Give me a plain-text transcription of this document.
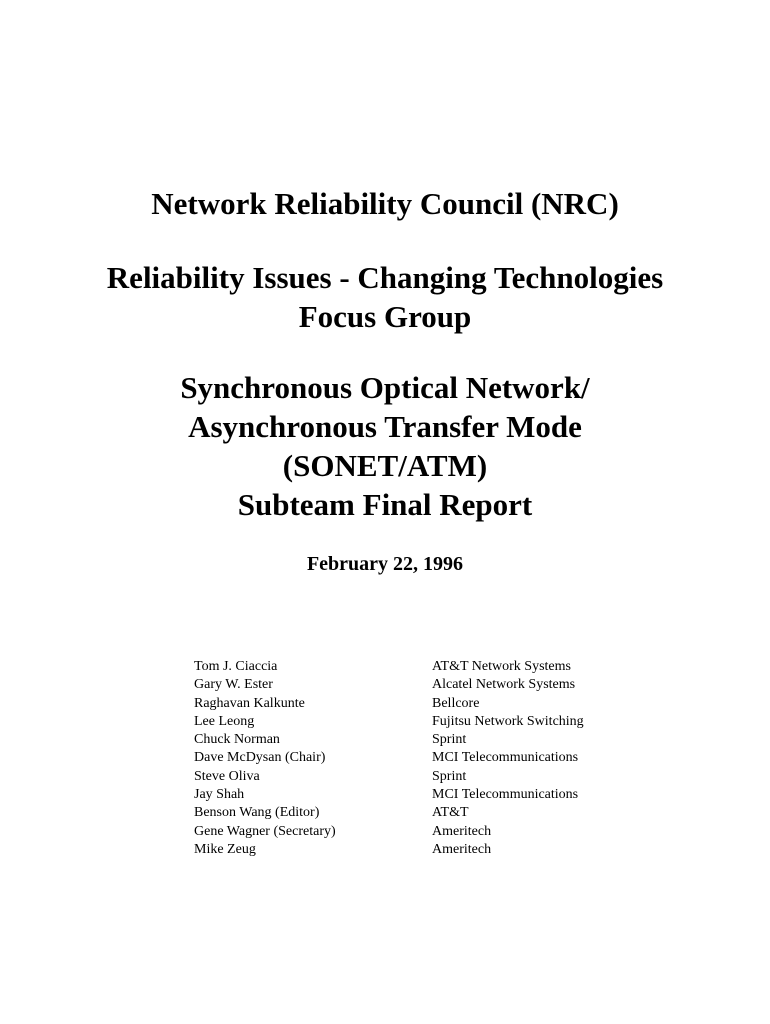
Network Reliability Council (NRC)
Reliability Issues - Changing Technologies
Focus Group
Synchronous Optical Network/
Asynchronous Transfer Mode
(SONET/ATM)
Subteam Final Report
February 22, 1996
Tom J. Ciaccia	AT&T Network Systems
Gary W. Ester	Alcatel Network Systems
Raghavan Kalkunte	Bellcore
Lee Leong	Fujitsu Network Switching
Chuck Norman	Sprint
Dave McDysan (Chair)	MCI Telecommunications
Steve Oliva	Sprint
Jay Shah	MCI Telecommunications
Benson Wang (Editor)	AT&T
Gene Wagner (Secretary)	Ameritech
Mike Zeug	Ameritech
